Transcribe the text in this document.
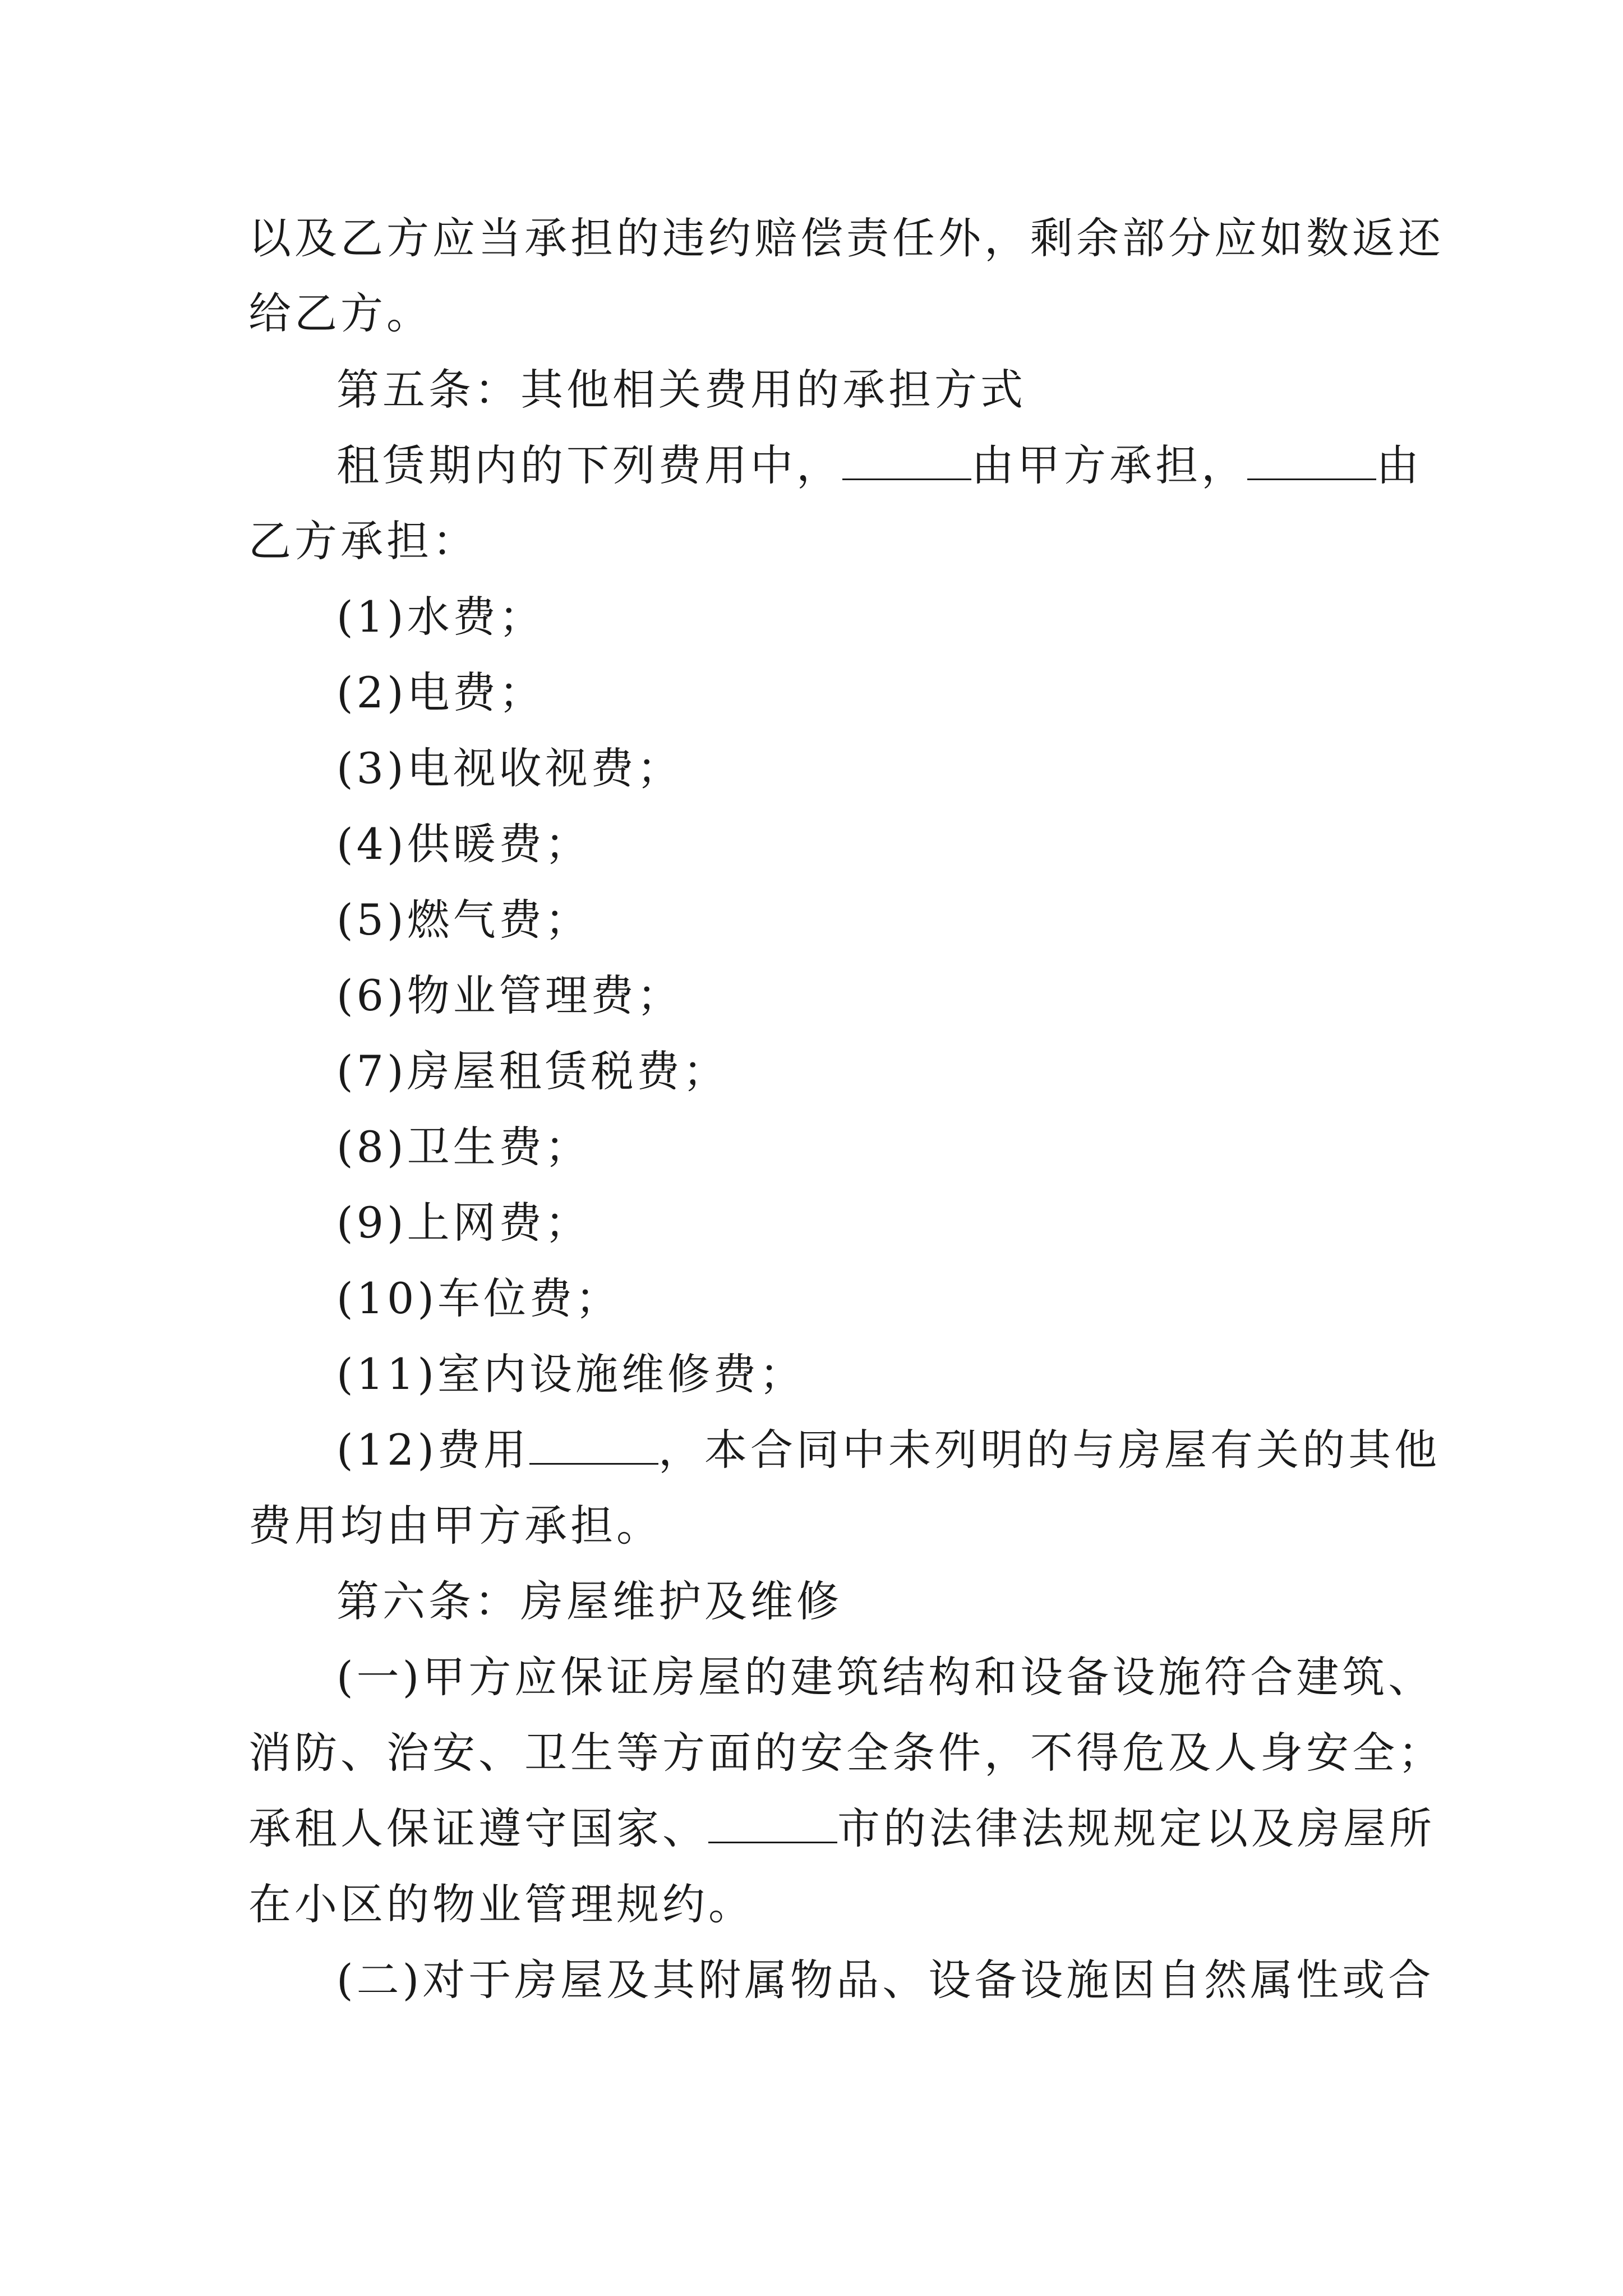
以及乙方应当承担的违约赔偿责任外，剩余部分应如数返还

给乙方。

第五条：其他相关费用的承担方式

租赁期内的下列费用中，	由甲方承担，	由

乙方承担：

(1)水费；

(2)电费；

(3)电视收视费；

(4)供暖费；

(5)燃气费；

(6)物业管理费；

(7)房屋租赁税费；

(8)卫生费；

(9)上网费；

(10)车位费；

(11)室内设施维修费；

(12)费用	，本合同中未列明的与房屋有关的其他

费用均由甲方承担。

第六条：房屋维护及维修

(一)甲方应保证房屋的建筑结构和设备设施符合建筑、

消防、治安、卫生等方面的安全条件，不得危及人身安全；

承租人保证遵守国家、	市的法律法规规定以及房屋所

在小区的物业管理规约。

(二)对于房屋及其附属物品、设备设施因自然属性或合
